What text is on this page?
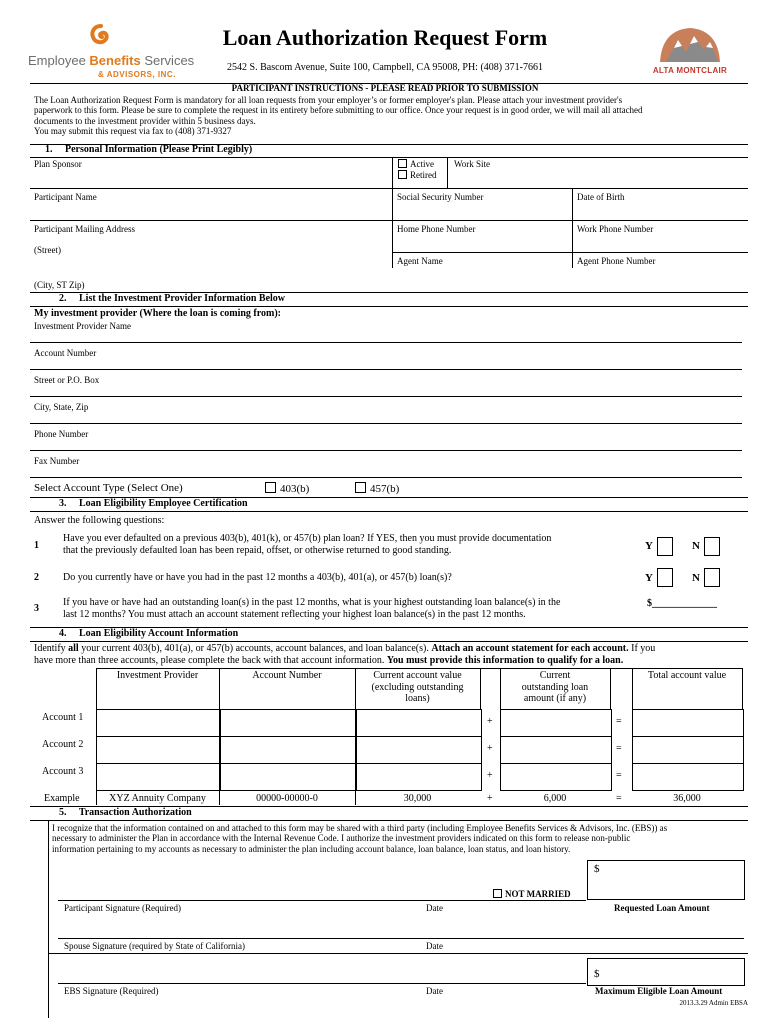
Employee Benefits Services
& ADVISORS, INC.
Loan Authorization Request Form
2542 S. Bascom Avenue, Suite 100, Campbell, CA 95008, PH: (408) 371-7661	ALTA MONTCLAIR
PARTICIPANT INSTRUCTIONS - PLEASE READ PRIOR TO SUBMISSION
The Loan Authorization Request Form is mandatory for all loan requests from your employer’s or former employer's plan. Please attach your investment provider's
paperwork to this form. Please be sure to complete the request in its entirety before submitting to our office. Once your request is in good order, we will mail all attached
documents to the investment provider within 5 business days.
You may submit this request via fax to (408) 371-9327
1.     Personal Information (Please Print Legibly)
Plan Sponsor	Active
Retired
Work Site
Participant Name	Social Security Number	Date of Birth
Participant Mailing Address	Home Phone Number	Work Phone Number
(Street)
Agent Name	Agent Phone Number
(City, ST Zip)
2.     List the Investment Provider Information Below
My investment provider (Where the loan is coming from):
Investment Provider Name
Account Number
Street or P.O. Box
City, State, Zip
Phone Number
Fax Number
Select Account Type (Select One)	403(b)	457(b)
3.     Loan Eligibility Employee Certification
Answer the following questions:
1
Have you ever defaulted on a previous 403(b), 401(k), or 457(b) plan loan? If YES, then you must provide documentation
that the previously defaulted loan has been repaid, offset, or otherwise returned to good standing.	Y	N
2 Do you currently have or have you had in the past 12 months a 403(b), 401(a), or 457(b) loan(s)?	Y	N
3
If you have or have had an outstanding loan(s) in the past 12 months, what is your highest outstanding loan balance(s) in the
last 12 months? You must attach an account statement reflecting your highest loan balance(s) in the past 12 months.
$_____________
4.     Loan Eligibility Account Information
Identify all your current 403(b), 401(a), or 457(b) accounts, account balances, and loan balance(s). Attach an account statement for each account. If you
have more than three accounts, please complete the back with that account information. You must provide this information to qualify for a loan.
Investment Provider	Account Number	Current account value
(excluding outstanding
loans)
Current
outstanding loan
amount (if any)
Total account value
Account 1	+	=
Account 2	+	=
Account 3	+	=
Example	XYZ Annuity Company	00000-00000-0	30,000	+	6,000	=	36,000
5.     Transaction Authorization
I recognize that the information contained on and attached to this form may be shared with a third party (including Employee Benefits Services & Advisors, Inc. (EBS)) as
necessary to administer the Plan in accordance with the Internal Revenue Code. I authorize the investment providers indicated on this form to release non-public
information pertaining to my accounts as necessary to administer the plan including account balance, loan balance, loan status, and loan history.
$
NOT MARRIED
Participant Signature (Required)	Date	Requested Loan Amount
Spouse Signature (required by State of California)	Date
$
EBS Signature (Required)	Date	Maximum Eligible Loan Amount
2013.3.29 Admin EBSA
